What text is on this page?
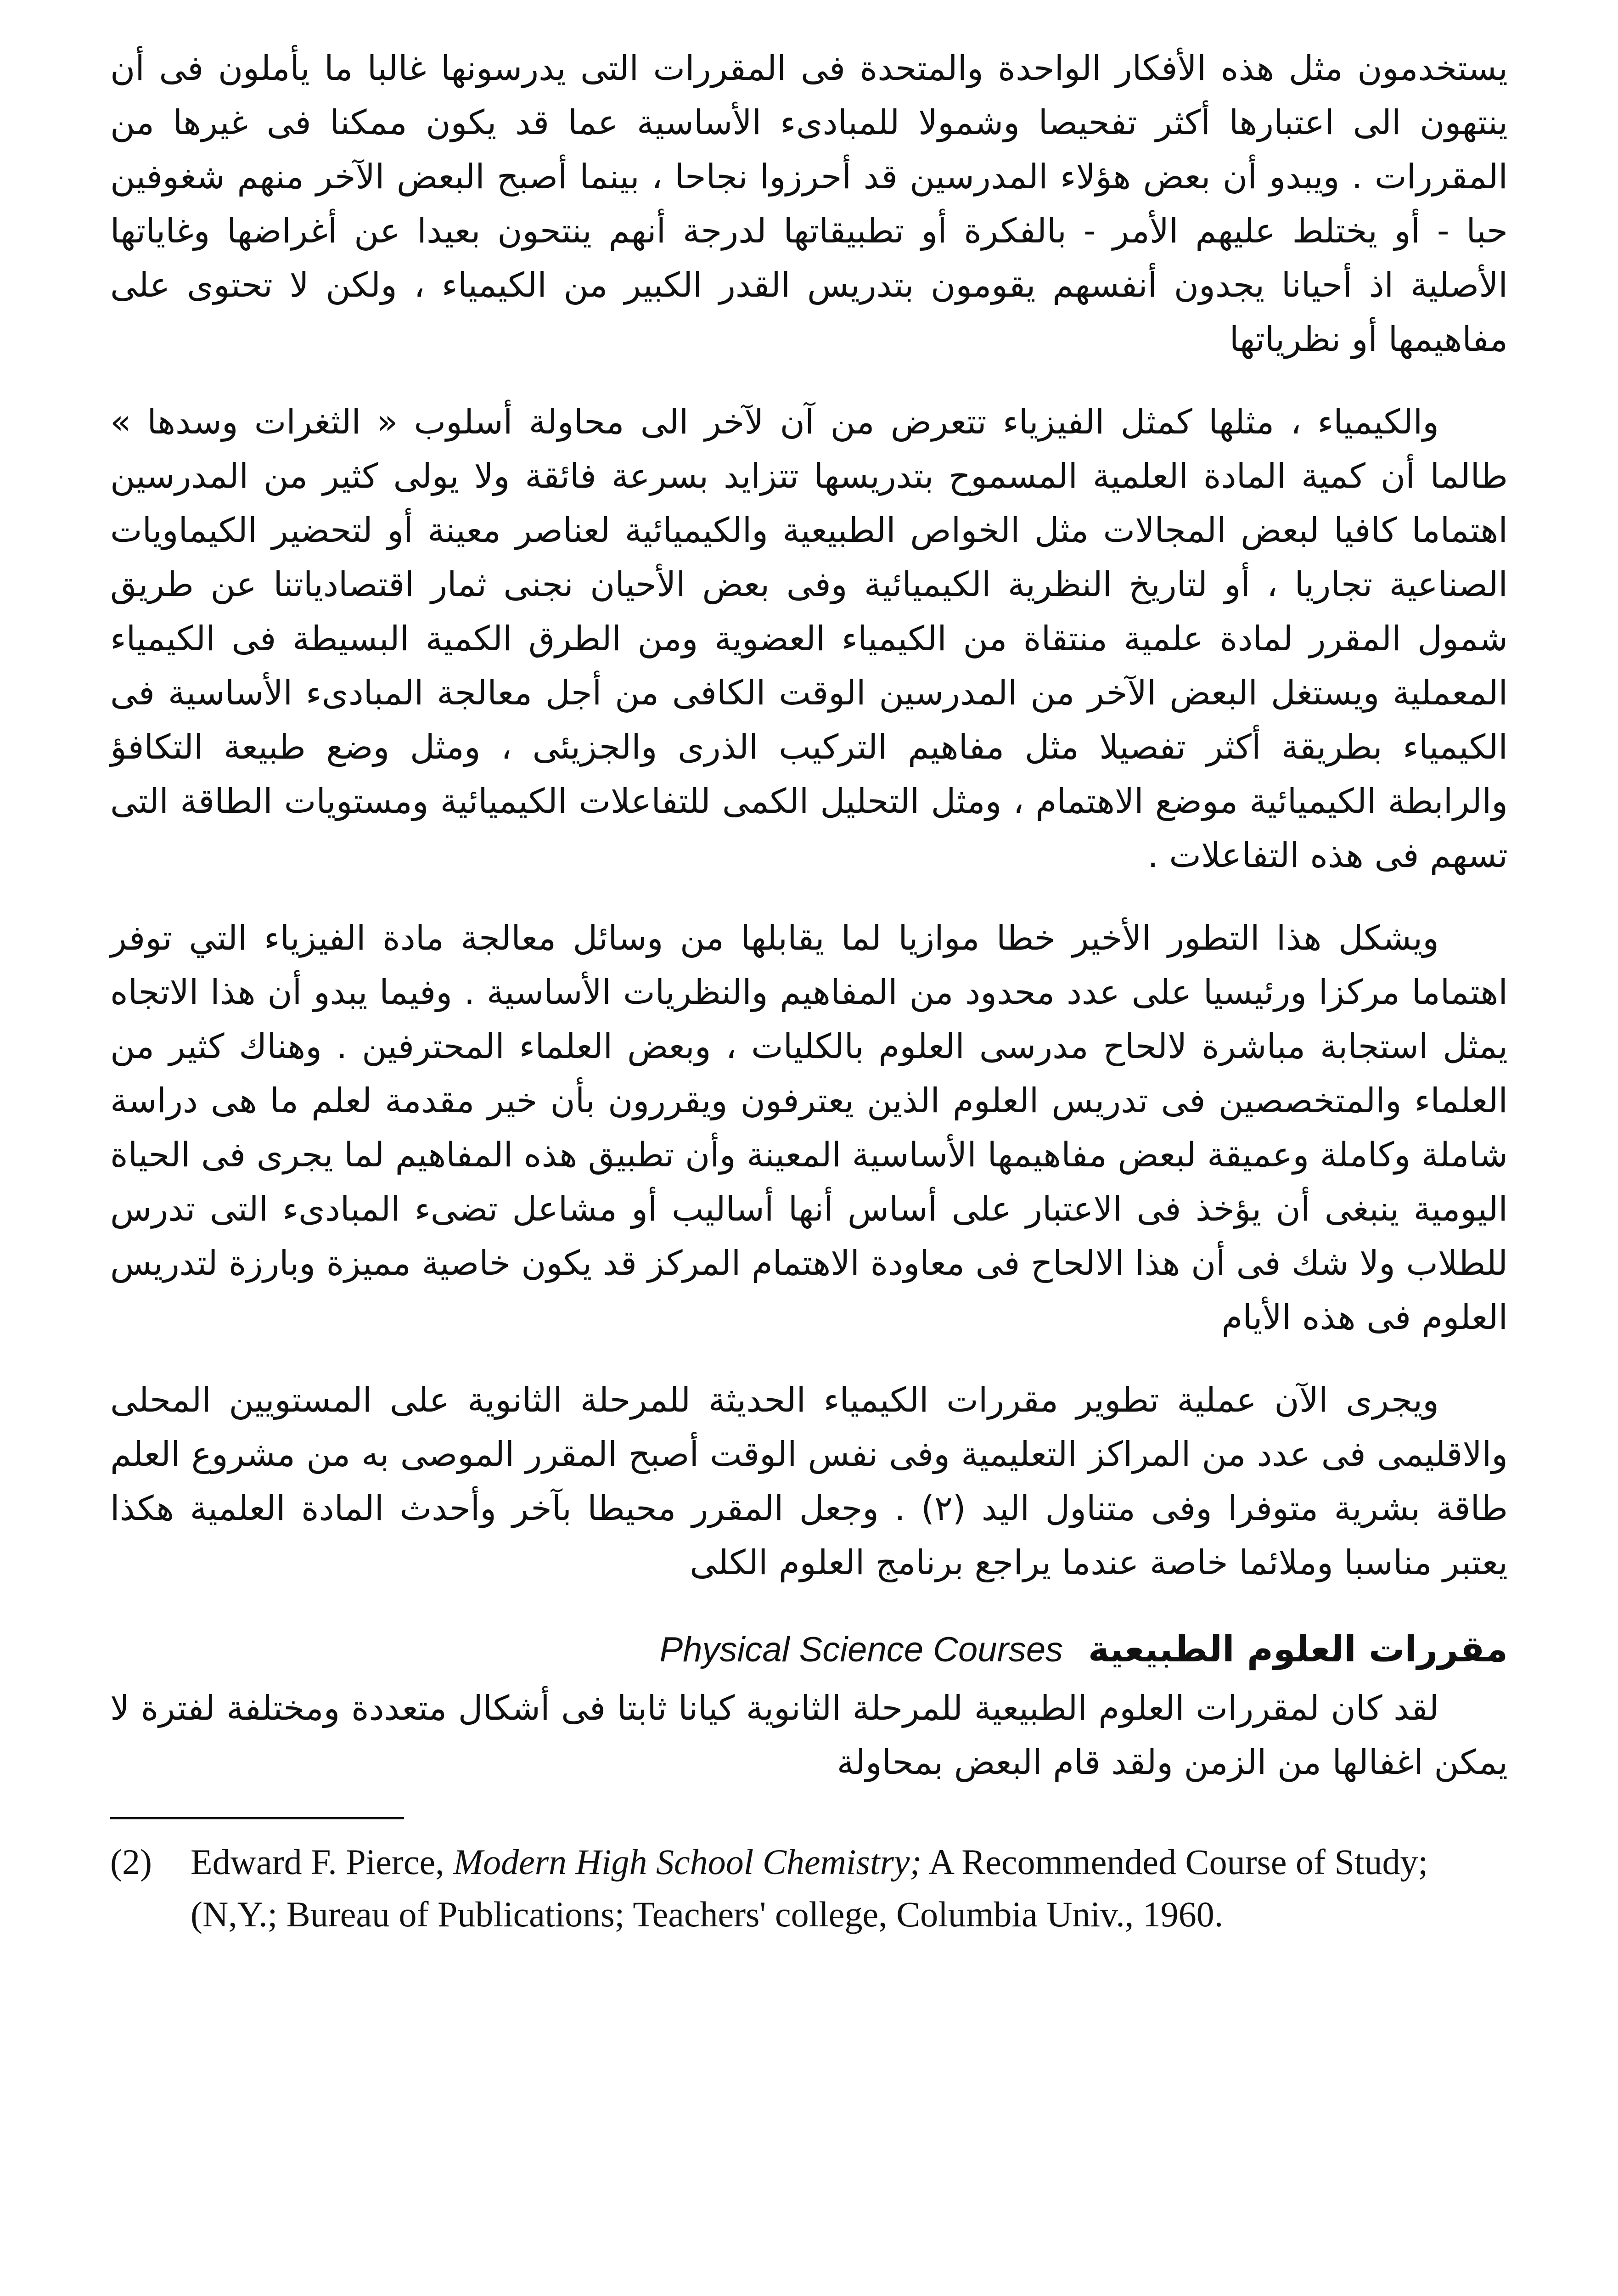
يستخدمون مثل هذه الأفكار الواحدة والمتحدة فى المقررات التى يدرسونها غالبا ما يأملون فى أن ينتهون الى اعتبارها أكثر تفحيصا وشمولا للمبادىء الأساسية عما قد يكون ممكنا فى غيرها من المقررات . ويبدو أن بعض هؤلاء المدرسين قد أحرزوا نجاحا ، بينما أصبح البعض الآخر منهم شغوفين حبا - أو يختلط عليهم الأمر - بالفكرة أو تطبيقاتها لدرجة أنهم ينتحون بعيدا عن أغراضها وغاياتها الأصلية اذ أحيانا يجدون أنفسهم يقومون بتدريس القدر الكبير من الكيمياء ، ولكن لا تحتوى على مفاهيمها أو نظرياتها

والكيمياء ، مثلها كمثل الفيزياء تتعرض من آن لآخر الى محاولة أسلوب « الثغرات وسدها » طالما أن كمية المادة العلمية المسموح بتدريسها تتزايد بسرعة فائقة ولا يولى كثير من المدرسين اهتماما كافيا لبعض المجالات مثل الخواص الطبيعية والكيميائية لعناصر معينة أو لتحضير الكيماويات الصناعية تجاريا ، أو لتاريخ النظرية الكيميائية وفى بعض الأحيان نجنى ثمار اقتصادياتنا عن طريق شمول المقرر لمادة علمية منتقاة من الكيمياء العضوية ومن الطرق الكمية البسيطة فى الكيمياء المعملية ويستغل البعض الآخر من المدرسين الوقت الكافى من أجل معالجة المبادىء الأساسية فى الكيمياء بطريقة أكثر تفصيلا مثل مفاهيم التركيب الذرى والجزيئى ، ومثل وضع طبيعة التكافؤ والرابطة الكيميائية موضع الاهتمام ، ومثل التحليل الكمى للتفاعلات الكيميائية ومستويات الطاقة التى تسهم فى هذه التفاعلات .

ويشكل هذا التطور الأخير خطا موازيا لما يقابلها من وسائل معالجة مادة الفيزياء التي توفر اهتماما مركزا ورئيسيا على عدد محدود من المفاهيم والنظريات الأساسية . وفيما يبدو أن هذا الاتجاه يمثل استجابة مباشرة لالحاح مدرسى العلوم بالكليات ، وبعض العلماء المحترفين . وهناك كثير من العلماء والمتخصصين فى تدريس العلوم الذين يعترفون ويقررون بأن خير مقدمة لعلم ما هى دراسة شاملة وكاملة وعميقة لبعض مفاهيمها الأساسية المعينة وأن تطبيق هذه المفاهيم لما يجرى فى الحياة اليومية ينبغى أن يؤخذ فى الاعتبار على أساس أنها أساليب أو مشاعل تضىء المبادىء التى تدرس للطلاب ولا شك فى أن هذا الالحاح فى معاودة الاهتمام المركز قد يكون خاصية مميزة وبارزة لتدريس العلوم فى هذه الأيام

ويجرى الآن عملية تطوير مقررات الكيمياء الحديثة للمرحلة الثانوية على المستويين المحلى والاقليمى فى عدد من المراكز التعليمية وفى نفس الوقت أصبح المقرر الموصى به من مشروع العلم طاقة بشرية متوفرا وفى متناول اليد (٢) . وجعل المقرر محيطا بآخر وأحدث المادة العلمية هكذا يعتبر مناسبا وملائما خاصة عندما يراجع برنامج العلوم الكلى

مقررات العلوم الطبيعية Physical Science Courses

لقد كان لمقررات العلوم الطبيعية للمرحلة الثانوية كيانا ثابتا فى أشكال متعددة ومختلفة لفترة لا يمكن اغفالها من الزمن ولقد قام البعض بمحاولة

(2) Edward F. Pierce, Modern High School Chemistry; A Recommended Course of Study; (N,Y.; Bureau of Publications; Teachers' college, Columbia Univ., 1960.
